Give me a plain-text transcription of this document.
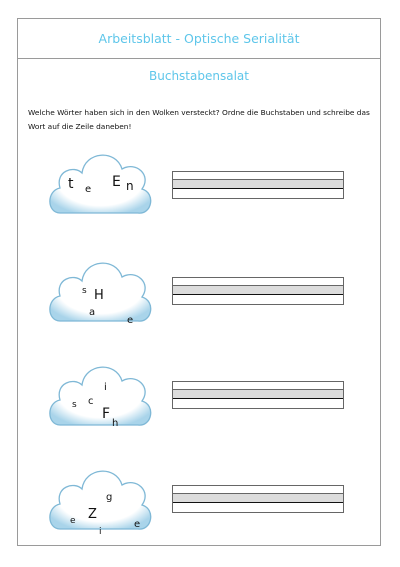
Arbeitsblatt - Optische Serialität
Buchstabensalat
Welche Wörter haben sich in den Wolken versteckt? Ordne die Buchstaben und schreibe das Wort auf die Zeile daneben!
t e E n
s H
a
e
i
s c
F
h
g
e Z
i
e
